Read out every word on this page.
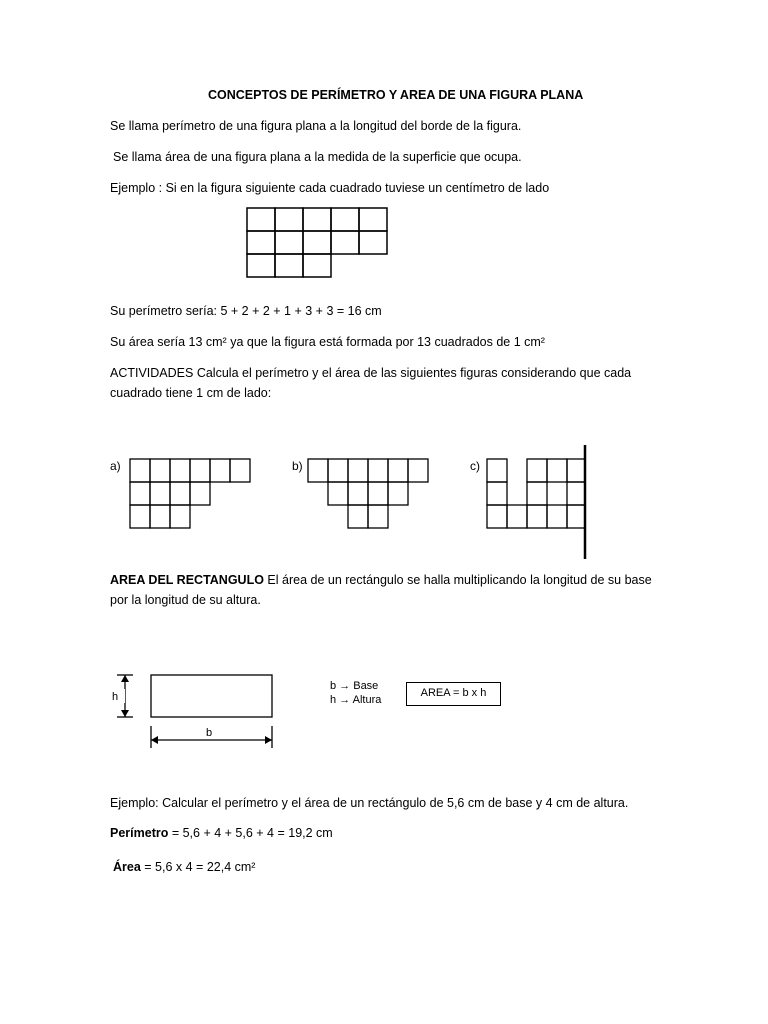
CONCEPTOS DE PERÍMETRO Y AREA DE UNA FIGURA PLANA
Se llama perímetro de una figura plana a la longitud del borde de la figura.
Se llama área de una figura plana a la medida de la superficie que ocupa.
Ejemplo : Si en la figura siguiente cada cuadrado tuviese un centímetro de lado
Su perímetro sería: 5 + 2 + 2 + 1 + 3 + 3 = 16 cm
Su área sería 13 cm² ya que la figura está formada por 13 cuadrados de 1 cm²
ACTIVIDADES Calcula el perímetro y el área de las siguientes figuras considerando que cada
cuadrado tiene 1 cm de lado:
a)	b)	c)
AREA DEL RECTANGULO El área de un rectángulo se halla multiplicando la longitud de su base
por la longitud de su altura.
h
b
b → Base
h → Altura
AREA = b x h
Ejemplo: Calcular el perímetro y el área de un rectángulo de 5,6 cm de base y 4 cm de altura.
Perímetro = 5,6 + 4 + 5,6 + 4 = 19,2 cm
Área = 5,6 x 4 = 22,4 cm²
